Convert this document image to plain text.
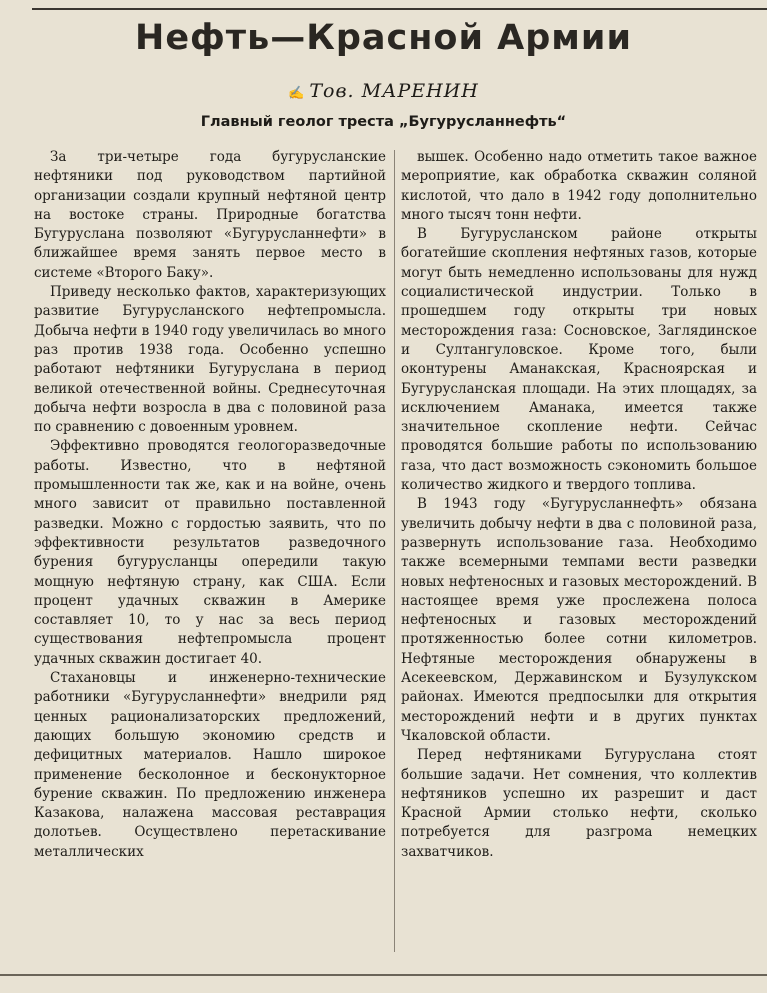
Нефть—Красной Армии
✍ Тов. МАРЕНИН
Главный геолог треста „Бугурусланнефть“

За три-четыре года бугурусланские нефтяники под руководством партийной организации создали крупный нефтяной центр на востоке страны. Природные богатства Бугуруслана позволяют «Бугурусланнефти» в ближайшее время занять первое место в системе «Второго Баку».

Приведу несколько фактов, характеризующих развитие Бугурусланского нефтепромысла. Добыча нефти в 1940 году увеличилась во много раз против 1938 года. Особенно успешно работают нефтяники Бугуруслана в период великой отечественной войны. Среднесуточная добыча нефти возросла в два с половиной раза по сравнению с довоенным уровнем.

Эффективно проводятся геологоразведочные работы. Известно, что в нефтяной промышленности так же, как и на войне, очень много зависит от правильно поставленной разведки. Можно с гордостью заявить, что по эффективности результатов разведочного бурения бугурусланцы опередили такую мощную нефтяную страну, как США. Если процент удачных скважин в Америке составляет 10, то у нас за весь период существования нефтепромысла процент удачных скважин достигает 40.

Стахановцы и инженерно-технические работники «Бугурусланнефти» внедрили ряд ценных рационализаторских предложений, дающих большую экономию средств и дефицитных материалов. Нашло широкое применение бесколонное и бесконукторное бурение скважин. По предложению инженера Казакова, налажена массовая реставрация долотьев. Осуществлено перетаскивание металлических

вышек. Особенно надо отметить такое важное мероприятие, как обработка скважин соляной кислотой, что дало в 1942 году дополнительно много тысяч тонн нефти.

В Бугурусланском районе открыты богатейшие скопления нефтяных газов, которые могут быть немедленно использованы для нужд социалистической индустрии. Только в прошедшем году открыты три новых месторождения газа: Сосновское, Заглядинское и Султангуловское. Кроме того, были оконтурены Аманакская, Красноярская и Бугурусланская площади. На этих площадях, за исключением Аманака, имеется также значительное скопление нефти. Сейчас проводятся большие работы по использованию газа, что даст возможность сэкономить большое количество жидкого и твердого топлива.

В 1943 году «Бугурусланнефть» обязана увеличить добычу нефти в два с половиной раза, развернуть использование газа. Необходимо также всемерными темпами вести разведки новых нефтеносных и газовых месторождений. В настоящее время уже прослежена полоса нефтеносных и газовых месторождений протяженностью более сотни километров. Нефтяные месторождения обнаружены в Асекеевском, Державинском и Бузулукском районах. Имеются предпосылки для открытия месторождений нефти и в других пунктах Чкаловской области.

Перед нефтяниками Бугуруслана стоят большие задачи. Нет сомнения, что коллектив нефтяников успешно их разрешит и даст Красной Армии столько нефти, сколько потребуется для разгрома немецких захватчиков.
